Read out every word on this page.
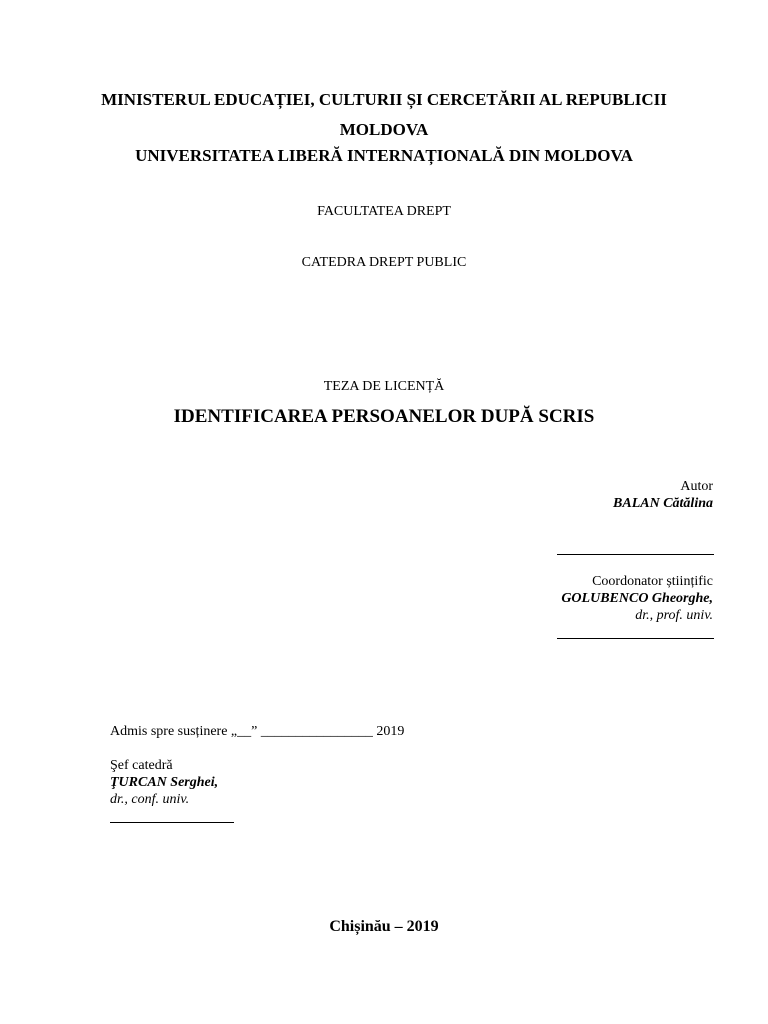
MINISTERUL EDUCAȚIEI, CULTURII ȘI CERCETĂRII AL REPUBLICII
MOLDOVA
UNIVERSITATEA LIBERĂ INTERNAȚIONALĂ DIN MOLDOVA
FACULTATEA DREPT
CATEDRA DREPT PUBLIC
TEZA DE LICENȚĂ
IDENTIFICAREA PERSOANELOR DUPĂ SCRIS
Autor
BALAN Cătălina
Coordonator științific
GOLUBENCO Gheorghe,
dr., prof. univ.
Admis spre susținere „__” ________________ 2019
Şef catedră
ŢURCAN Serghei,
dr., conf. univ.
Chișinău – 2019
